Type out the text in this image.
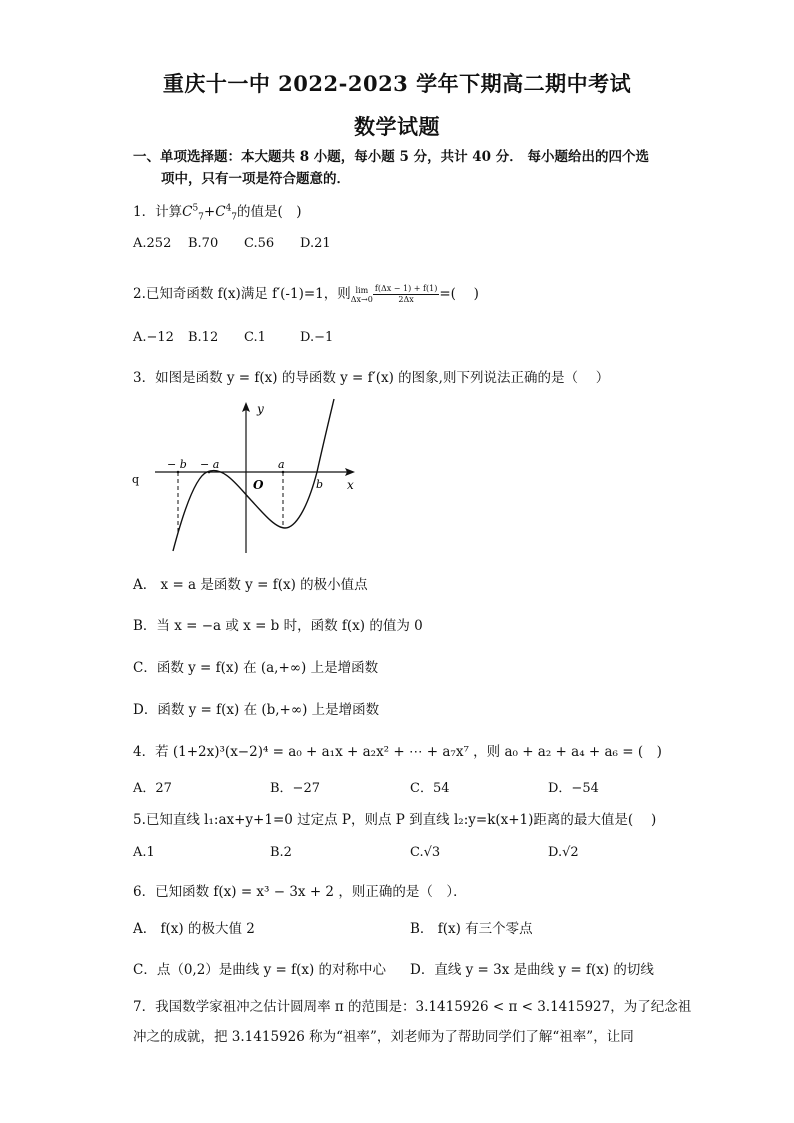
重庆十一中 2022-2023 学年下期高二期中考试
数学试题
一、单项选择题：本大题共 8 小题，每小题 5 分，共计 40 分． 每小题给出的四个选
项中，只有一项是符合题意的．
1．计算$C^5_7+C^4_7$的值是(　)
A.252 B.70 C.56 D.21
2.已知奇函数 f(x)满足 f′(-1)=1，则 lim
$\Delta x\to 0 \frac{f(\Delta x - 1) + f(1)}{2\Delta x}$ =(　 )
A.−12 B.12 C.1	D.−1
3．如图是函数 y = f(x) 的导函数 y = f′(x) 的图象,则下列说法正确的是（　 ）
y
x
O
− b − a	a
b
q
A． x = a 是函数 y = f(x) 的极小值点
B．当 x = −a 或 x = b 时，函数 f(x) 的值为 0
C．函数 y = f(x) 在 (a,+∞) 上是增函数
D．函数 y = f(x) 在 (b,+∞) 上是增函数
4．若 (1+2x)³(x−2)⁴ = a₀ + a₁x + a₂x² + ⋯ + a₇x⁷ ，则 a₀ + a₂ + a₄ + a₆ = (　)
A．27	B．−27	C．54	D．−54
5.已知直线 l₁:ax+y+1=0 过定点 P，则点 P 到直线 l₂:y=k(x+1)距离的最大值是(　 )
A.1	B.2	C.√3	D.√2
6．已知函数 f(x) = x³ − 3x + 2 ，则正确的是（　）．
A． f(x) 的极大值 2	B． f(x) 有三个零点
C．点（0,2）是曲线 y = f(x) 的对称中心 D．直线 y = 3x 是曲线 y = f(x) 的切线
7．我国数学家祖冲之估计圆周率 π 的范围是：3.1415926 < π < 3.1415927，为了纪念祖
冲之的成就，把 3.1415926 称为“祖率”，刘老师为了帮助同学们了解“祖率”，让同
